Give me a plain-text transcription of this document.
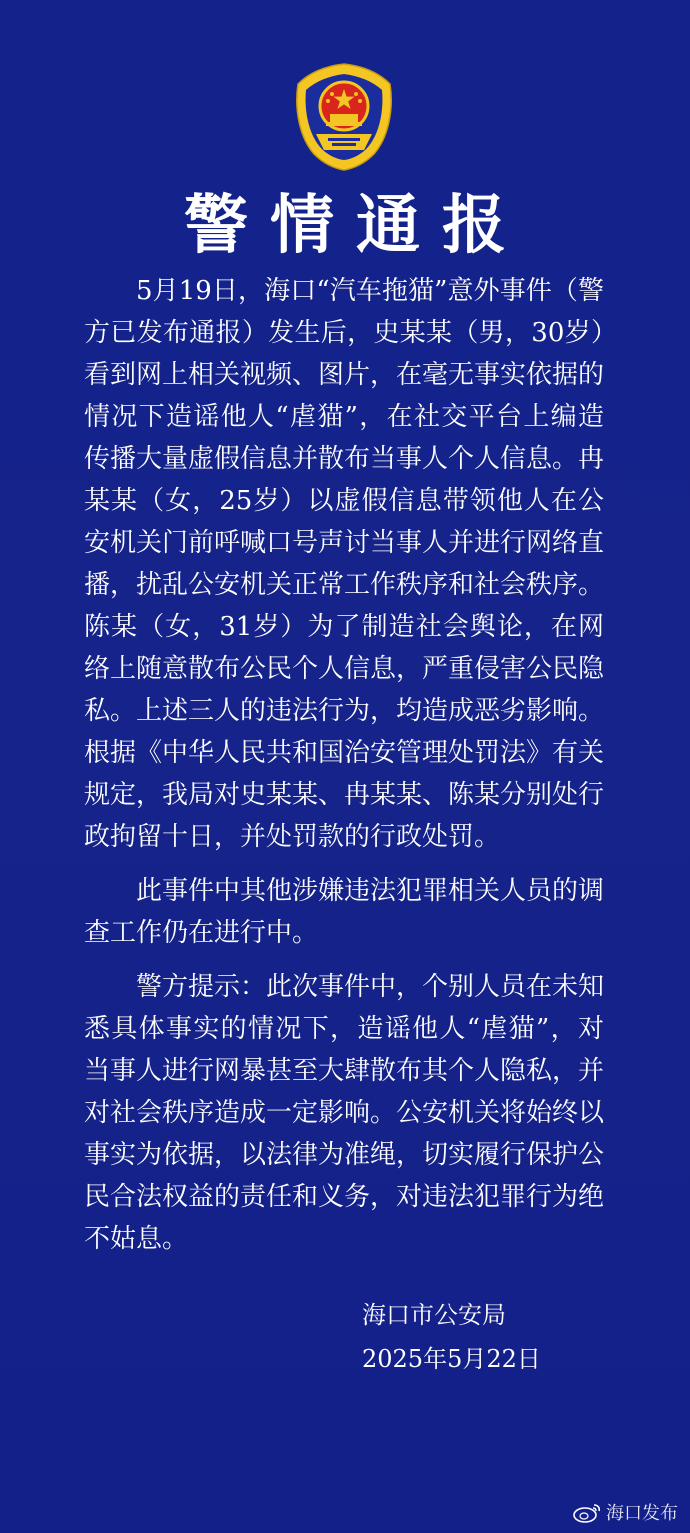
警情通报

5月19日，海口“汽车拖猫”意外事件（警方已发布通报）发生后，史某某（男，30岁）看到网上相关视频、图片，在毫无事实依据的情况下造谣他人“虐猫”，在社交平台上编造传播大量虚假信息并散布当事人个人信息。冉某某（女，25岁）以虚假信息带领他人在公安机关门前呼喊口号声讨当事人并进行网络直播，扰乱公安机关正常工作秩序和社会秩序。陈某（女，31岁）为了制造社会舆论，在网络上随意散布公民个人信息，严重侵害公民隐私。上述三人的违法行为，均造成恶劣影响。根据《中华人民共和国治安管理处罚法》有关规定，我局对史某某、冉某某、陈某分别处行政拘留十日，并处罚款的行政处罚。

此事件中其他涉嫌违法犯罪相关人员的调查工作仍在进行中。

警方提示：此次事件中，个别人员在未知悉具体事实的情况下，造谣他人“虐猫”，对当事人进行网暴甚至大肆散布其个人隐私，并对社会秩序造成一定影响。公安机关将始终以事实为依据，以法律为准绳，切实履行保护公民合法权益的责任和义务，对违法犯罪行为绝不姑息。

海口市公安局
2025年5月22日
海口发布
